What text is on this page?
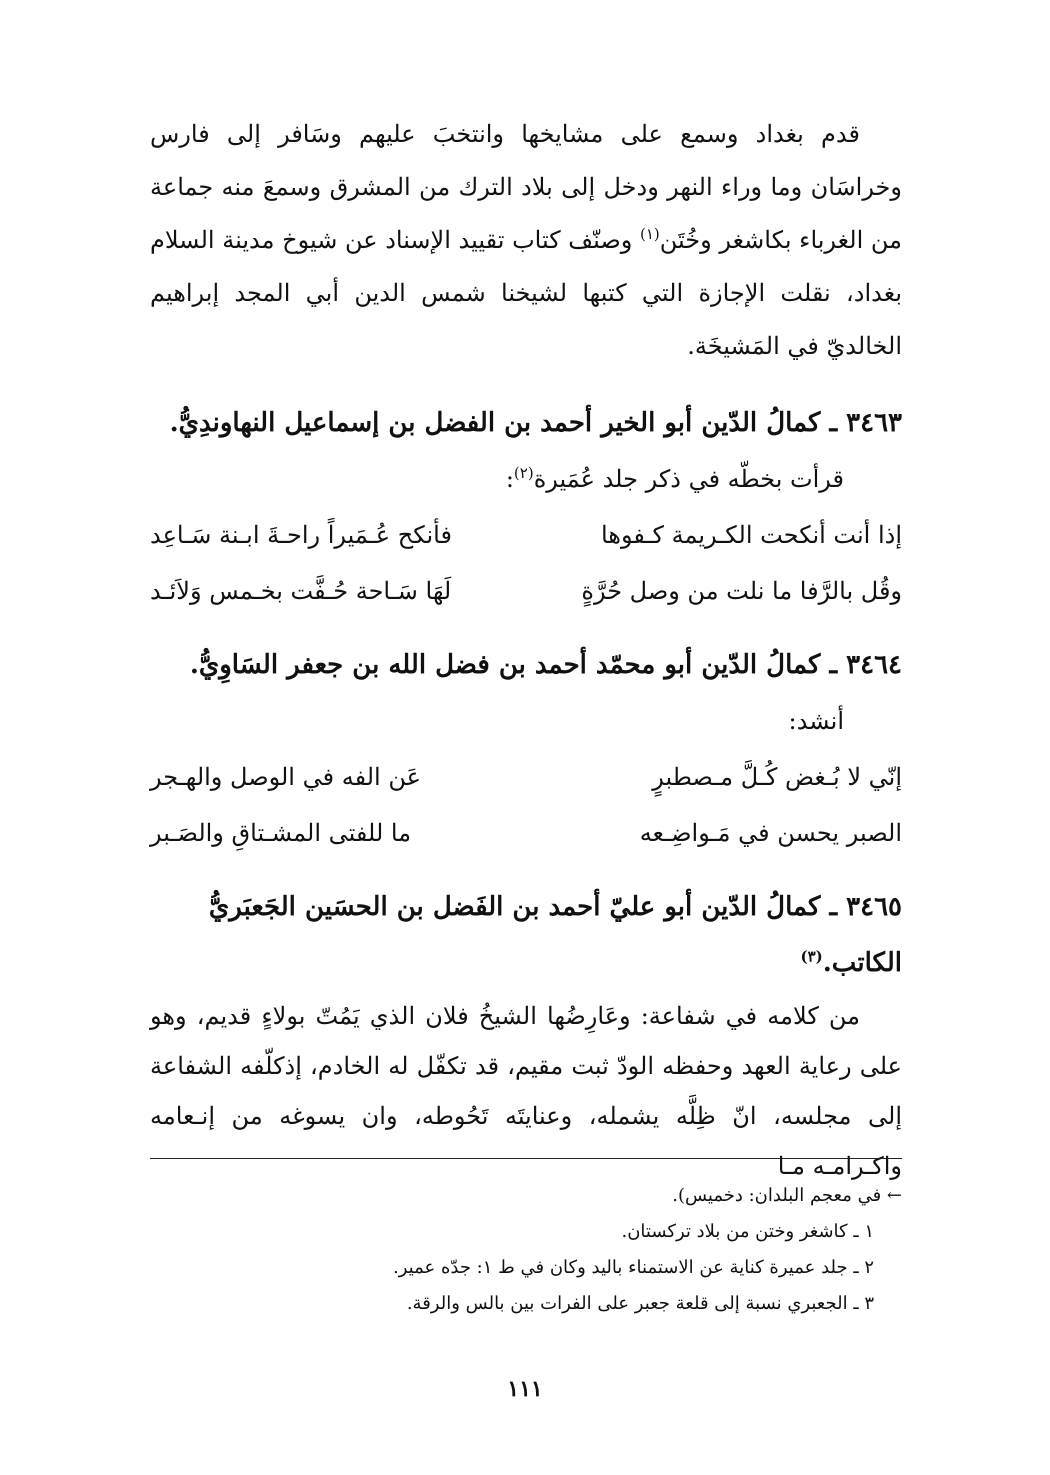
قدم بغداد وسمع على مشايخها وانتخبَ عليهم وسَافر إلى فارس وخراسَان وما وراء النهر ودخل إلى بلاد الترك من المشرق وسمعَ منه جماعة من الغرباء بكاشغر وخُتَن$^{(١)}$ وصنّف كتاب تقييد الإسناد عن شيوخ مدينة السلام بغداد، نقلت الإجازة التي كتبها لشيخنا شمس الدين أبي المجد إبراهيم الخالديّ في المَشيخَة.

٣٤٦٣ ـ كمالُ الدّين أبو الخير أحمد بن الفضل بن إسماعيل النهاوندِيُّ.

قرأت بخطّه في ذكر جلد عُمَيرة$^{(٢)}$:

إذا أنت أنكحت الكـريمة كـفوها
فأنكح عُـمَيراً راحـةَ ابـنة سَـاعِد
وقُل بالرَّفا ما نلت من وصل حُرَّةٍ
لَهَا سَـاحة حُـفَّت بخـمس وَلاَئـد

٣٤٦٤ ـ كمالُ الدّين أبو محمّد أحمد بن فضل الله بن جعفر السَاوِيُّ.

أنشد:

إنّي لا بُـغض كُـلَّ مـصطبرٍ
عَن الفه في الوصل والهـجر
الصبر يحسن في مَـواضِـعه
ما للفتى المشـتاقِ والصَـبر

٣٤٦٥ ـ كمالُ الدّين أبو عليّ أحمد بن الفَضل بن الحسَين الجَعبَريُّ الكاتب.$^{(٣)}$

من كلامه في شفاعة: وعَارِضُها الشيخُ فلان الذي يَمُتّ بولاءٍ قديم، وهو على رعاية العهد وحفظه الودّ ثبت مقيم، قد تكفّل له الخادم، إذكلّفه الشفاعة إلى مجلسه، انّ ظِلَّه يشمله، وعنايتَه تَحُوطه، وان يسوغه من إنـعامه واكـرامـه مـا

← في معجم البلدان: دخميس).

١ ـ كاشغر وختن من بلاد تركستان.

٢ ـ جلد عميرة كناية عن الاستمناء باليد وكان في ط ١: جدّه عمير.

٣ ـ الجعبري نسبة إلى قلعة جعبر على الفرات بين بالس والرقة.

١١١
